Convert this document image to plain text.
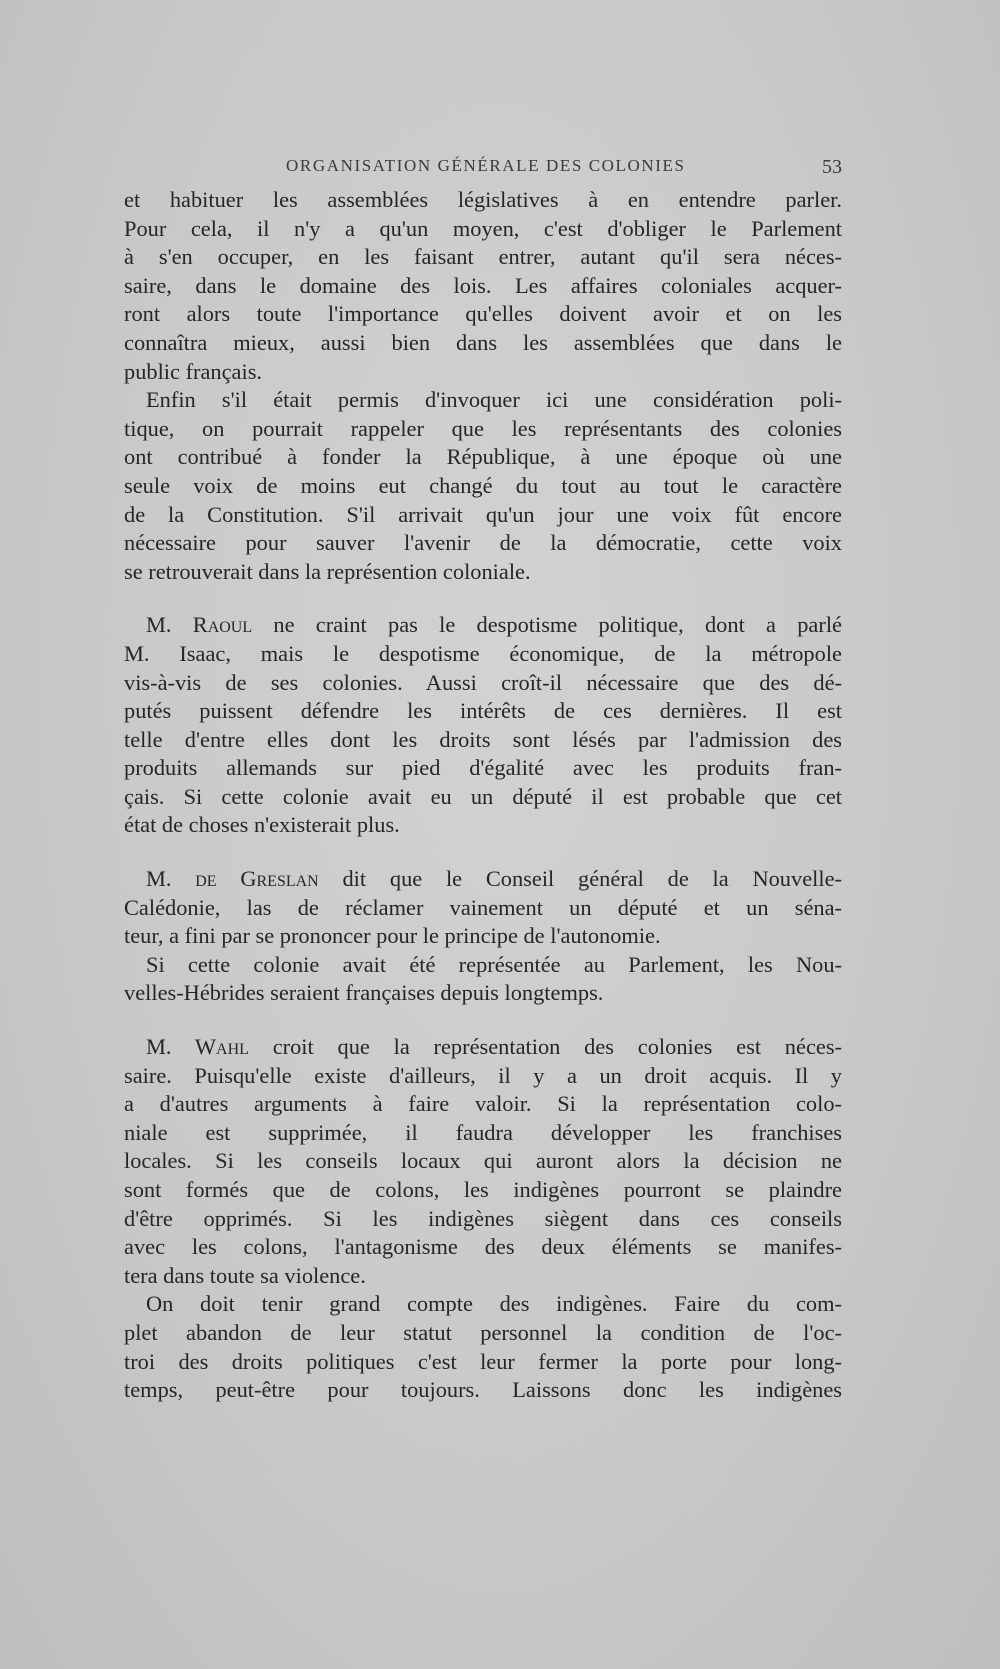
ORGANISATION GÉNÉRALE DES COLONIES	53
et habituer les assemblées législatives à en entendre parler.
Pour cela, il n'y a qu'un moyen, c'est d'obliger le Parlement
à s'en occuper, en les faisant entrer, autant qu'il sera néces-
saire, dans le domaine des lois. Les affaires coloniales acquer-
ront alors toute l'importance qu'elles doivent avoir et on les
connaîtra mieux, aussi bien dans les assemblées que dans le
public français.
Enfin s'il était permis d'invoquer ici une considération poli-
tique, on pourrait rappeler que les représentants des colonies
ont contribué à fonder la République, à une époque où une
seule voix de moins eut changé du tout au tout le caractère
de la Constitution. S'il arrivait qu'un jour une voix fût encore
nécessaire pour sauver l'avenir de la démocratie, cette voix
se retrouverait dans la représention coloniale.
M. Raoul ne craint pas le despotisme politique, dont a parlé
M. Isaac, mais le despotisme économique, de la métropole
vis-à-vis de ses colonies. Aussi croît-il nécessaire que des dé-
putés puissent défendre les intérêts de ces dernières. Il est
telle d'entre elles dont les droits sont lésés par l'admission des
produits allemands sur pied d'égalité avec les produits fran-
çais. Si cette colonie avait eu un député il est probable que cet
état de choses n'existerait plus.
M. de Greslan dit que le Conseil général de la Nouvelle-
Calédonie, las de réclamer vainement un député et un séna-
teur, a fini par se prononcer pour le principe de l'autonomie.
Si cette colonie avait été représentée au Parlement, les Nou-
velles-Hébrides seraient françaises depuis longtemps.
M. Wahl croit que la représentation des colonies est néces-
saire. Puisqu'elle existe d'ailleurs, il y a un droit acquis. Il y
a d'autres arguments à faire valoir. Si la représentation colo-
niale est supprimée, il faudra développer les franchises
locales. Si les conseils locaux qui auront alors la décision ne
sont formés que de colons, les indigènes pourront se plaindre
d'être opprimés. Si les indigènes siègent dans ces conseils
avec les colons, l'antagonisme des deux éléments se manifes-
tera dans toute sa violence.
On doit tenir grand compte des indigènes. Faire du com-
plet abandon de leur statut personnel la condition de l'oc-
troi des droits politiques c'est leur fermer la porte pour long-
temps, peut-être pour toujours. Laissons donc les indigènes
